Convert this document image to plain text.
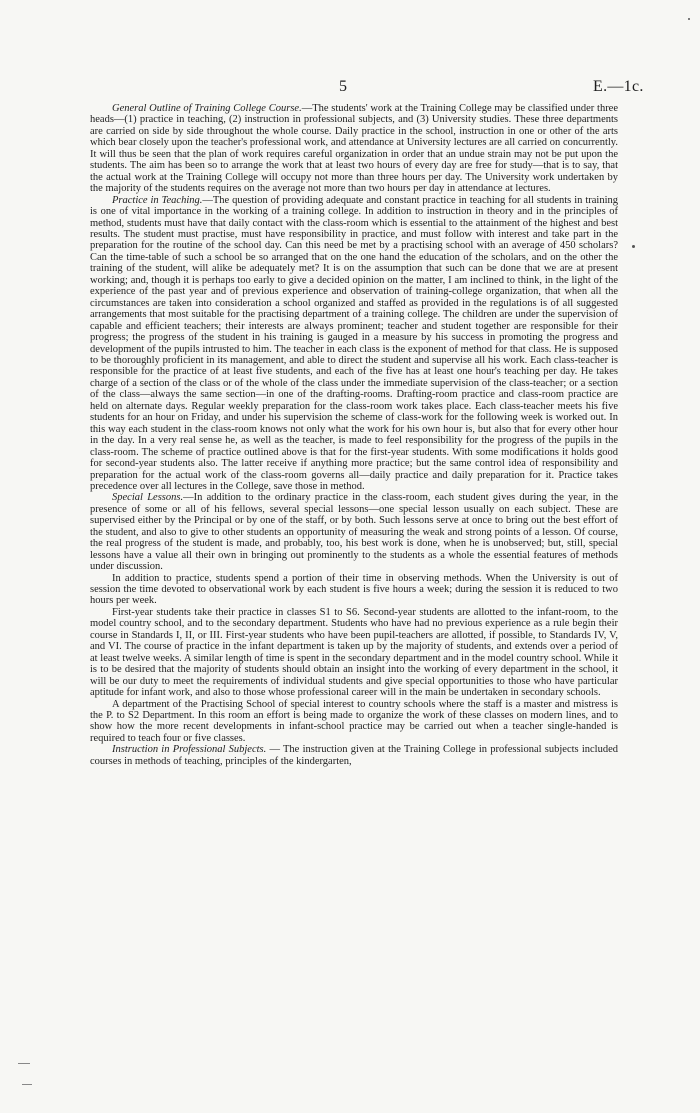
5	E.—1c.

General Outline of Training College Course.—The students' work at the Training College may be classified under three heads—(1) practice in teaching, (2) instruction in professional subjects, and (3) University studies. These three departments are carried on side by side throughout the whole course. Daily practice in the school, instruction in one or other of the arts which bear closely upon the teacher's professional work, and attendance at University lectures are all carried on concurrently. It will thus be seen that the plan of work requires careful organization in order that an undue strain may not be put upon the students. The aim has been so to arrange the work that at least two hours of every day are free for study—that is to say, that the actual work at the Training College will occupy not more than three hours per day. The University work undertaken by the majority of the students requires on the average not more than two hours per day in attendance at lectures.

Practice in Teaching.—The question of providing adequate and constant practice in teaching for all students in training is one of vital importance in the working of a training college. In addition to instruction in theory and in the principles of method, students must have that daily contact with the class-room which is essential to the attainment of the highest and best results. The student must practise, must have responsibility in practice, and must follow with interest and take part in the preparation for the routine of the school day. Can this need be met by a practising school with an average of 450 scholars? Can the time-table of such a school be so arranged that on the one hand the education of the scholars, and on the other the training of the student, will alike be adequately met? It is on the assumption that such can be done that we are at present working; and, though it is perhaps too early to give a decided opinion on the matter, I am inclined to think, in the light of the experience of the past year and of previous experience and observation of training-college organization, that when all the circumstances are taken into consideration a school organized and staffed as provided in the regulations is of all suggested arrangements that most suitable for the practising department of a training college. The children are under the supervision of capable and efficient teachers; their interests are always prominent; teacher and student together are responsible for their progress; the progress of the student in his training is gauged in a measure by his success in promoting the progress and development of the pupils intrusted to him. The teacher in each class is the exponent of method for that class. He is supposed to be thoroughly proficient in its management, and able to direct the student and supervise all his work. Each class-teacher is responsible for the practice of at least five students, and each of the five has at least one hour's teaching per day. He takes charge of a section of the class or of the whole of the class under the immediate supervision of the class-teacher; or a section of the class—always the same section—in one of the drafting-rooms. Drafting-room practice and class-room practice are held on alternate days. Regular weekly preparation for the class-room work takes place. Each class-teacher meets his five students for an hour on Friday, and under his supervision the scheme of class-work for the following week is worked out. In this way each student in the class-room knows not only what the work for his own hour is, but also that for every other hour in the day. In a very real sense he, as well as the teacher, is made to feel responsibility for the progress of the pupils in the class-room. The scheme of practice outlined above is that for the first-year students. With some modifications it holds good for second-year students also. The latter receive if anything more practice; but the same control idea of responsibility and preparation for the actual work of the class-room governs all—daily practice and daily preparation for it. Practice takes precedence over all lectures in the College, save those in method.

Special Lessons.—In addition to the ordinary practice in the class-room, each student gives during the year, in the presence of some or all of his fellows, several special lessons—one special lesson usually on each subject. These are supervised either by the Principal or by one of the staff, or by both. Such lessons serve at once to bring out the best effort of the student, and also to give to other students an opportunity of measuring the weak and strong points of a lesson. Of course, the real progress of the student is made, and probably, too, his best work is done, when he is unobserved; but, still, special lessons have a value all their own in bringing out prominently to the students as a whole the essential features of methods under discussion.

In addition to practice, students spend a portion of their time in observing methods. When the University is out of session the time devoted to observational work by each student is five hours a week; during the session it is reduced to two hours per week.

First-year students take their practice in classes S1 to S6. Second-year students are allotted to the infant-room, to the model country school, and to the secondary department. Students who have had no previous experience as a rule begin their course in Standards I, II, or III. First-year students who have been pupil-teachers are allotted, if possible, to Standards IV, V, and VI. The course of practice in the infant department is taken up by the majority of students, and extends over a period of at least twelve weeks. A similar length of time is spent in the secondary department and in the model country school. While it is to be desired that the majority of students should obtain an insight into the working of every department in the school, it will be our duty to meet the requirements of individual students and give special opportunities to those who have particular aptitude for infant work, and also to those whose professional career will in the main be undertaken in secondary schools.

A department of the Practising School of special interest to country schools where the staff is a master and mistress is the P. to S2 Department. In this room an effort is being made to organize the work of these classes on modern lines, and to show how the more recent developments in infant-school practice may be carried out when a teacher single-handed is required to teach four or five classes.

Instruction in Professional Subjects. — The instruction given at the Training College in professional subjects included courses in methods of teaching, principles of the kindergarten,
